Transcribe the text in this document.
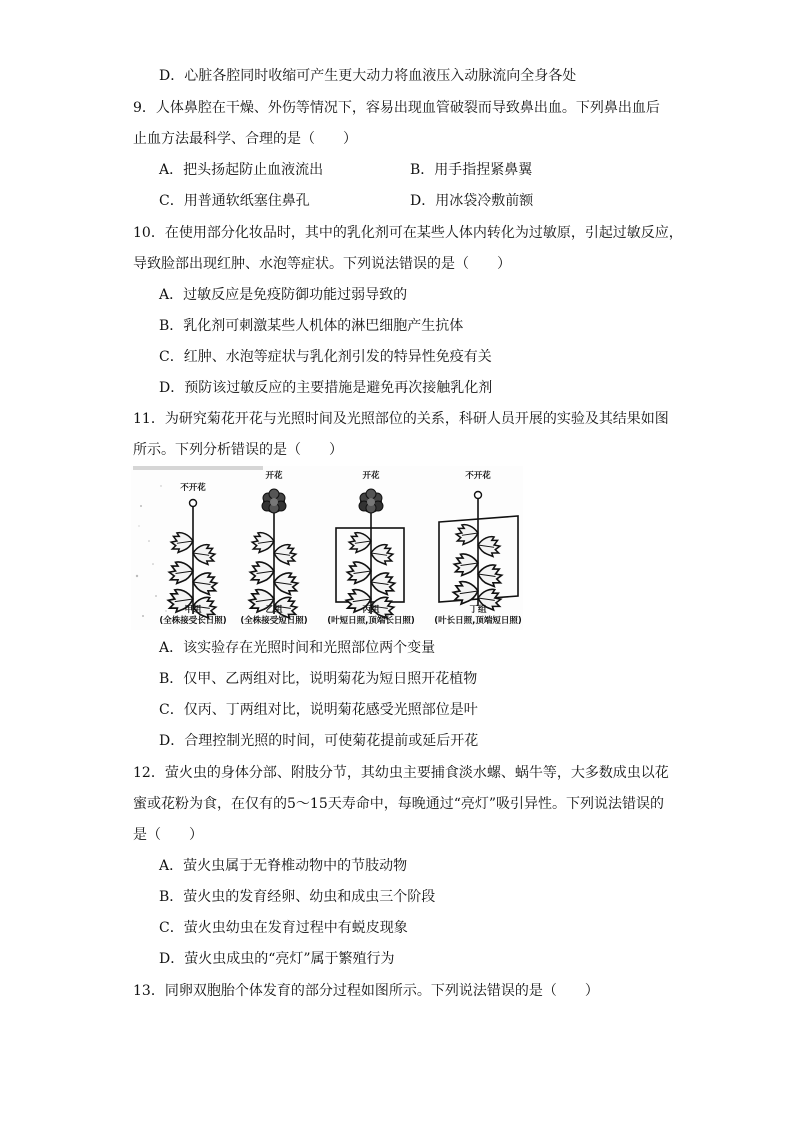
D．心脏各腔同时收缩可产生更大动力将血液压入动脉流向全身各处
9．人体鼻腔在干燥、外伤等情况下，容易出现血管破裂而导致鼻出血。下列鼻出血后
止血方法最科学、合理的是（　　）
A．把头扬起防止血液流出	B．用手指捏紧鼻翼
C．用普通软纸塞住鼻孔	D．用冰袋冷敷前额
10．在使用部分化妆品时，其中的乳化剂可在某些人体内转化为过敏原，引起过敏反应，
导致脸部出现红肿、水泡等症状。下列说法错误的是（　　）
A．过敏反应是免疫防御功能过弱导致的
B．乳化剂可刺激某些人机体的淋巴细胞产生抗体
C．红肿、水泡等症状与乳化剂引发的特异性免疫有关
D．预防该过敏反应的主要措施是避免再次接触乳化剂
11．为研究菊花开花与光照时间及光照部位的关系，科研人员开展的实验及其结果如图
所示。下列分析错误的是（　　）
不开花
甲组
(全株接受长日照)
开花
乙组
(全株接受短日照)
开花
丙组
(叶短日照,顶端长日照)
不开花
丁组
(叶长日照,顶端短日照)
A．该实验存在光照时间和光照部位两个变量
B．仅甲、乙两组对比，说明菊花为短日照开花植物
C．仅丙、丁两组对比，说明菊花感受光照部位是叶
D．合理控制光照的时间，可使菊花提前或延后开花
12．萤火虫的身体分部、附肢分节，其幼虫主要捕食淡水螺、蜗牛等，大多数成虫以花
蜜或花粉为食，在仅有的5～15天寿命中，每晚通过“亮灯”吸引异性。下列说法错误的
是（　　）
A．萤火虫属于无脊椎动物中的节肢动物
B．萤火虫的发育经卵、幼虫和成虫三个阶段
C．萤火虫幼虫在发育过程中有蜕皮现象
D．萤火虫成虫的“亮灯”属于繁殖行为
13．同卵双胞胎个体发育的部分过程如图所示。下列说法错误的是（　　）
